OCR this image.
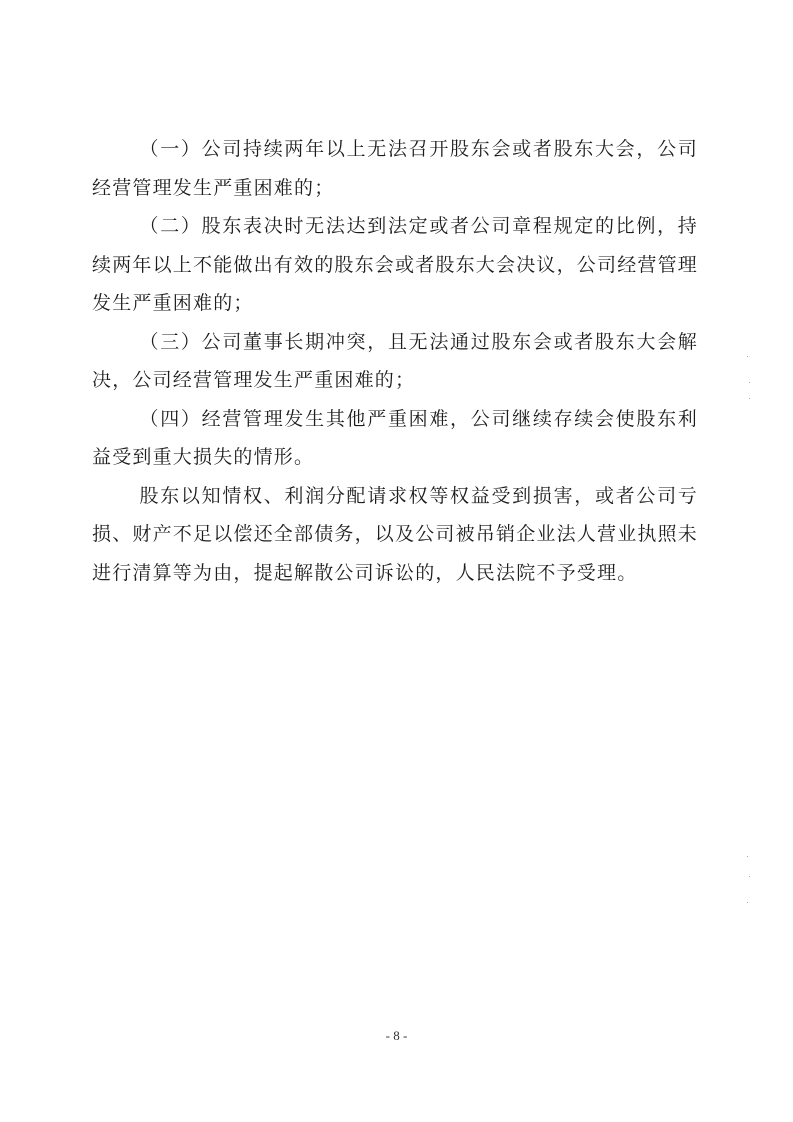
（一）公司持续两年以上无法召开股东会或者股东大会，公司经营管理发生严重困难的；

（二）股东表决时无法达到法定或者公司章程规定的比例，持续两年以上不能做出有效的股东会或者股东大会决议，公司经营管理发生严重困难的；

（三）公司董事长期冲突，且无法通过股东会或者股东大会解决，公司经营管理发生严重困难的；

（四）经营管理发生其他严重困难，公司继续存续会使股东利益受到重大损失的情形。

股东以知情权、利润分配请求权等权益受到损害，或者公司亏损、财产不足以偿还全部债务，以及公司被吊销企业法人营业执照未进行清算等为由，提起解散公司诉讼的，人民法院不予受理。

- 8 -
·
·
·
·
·
·
